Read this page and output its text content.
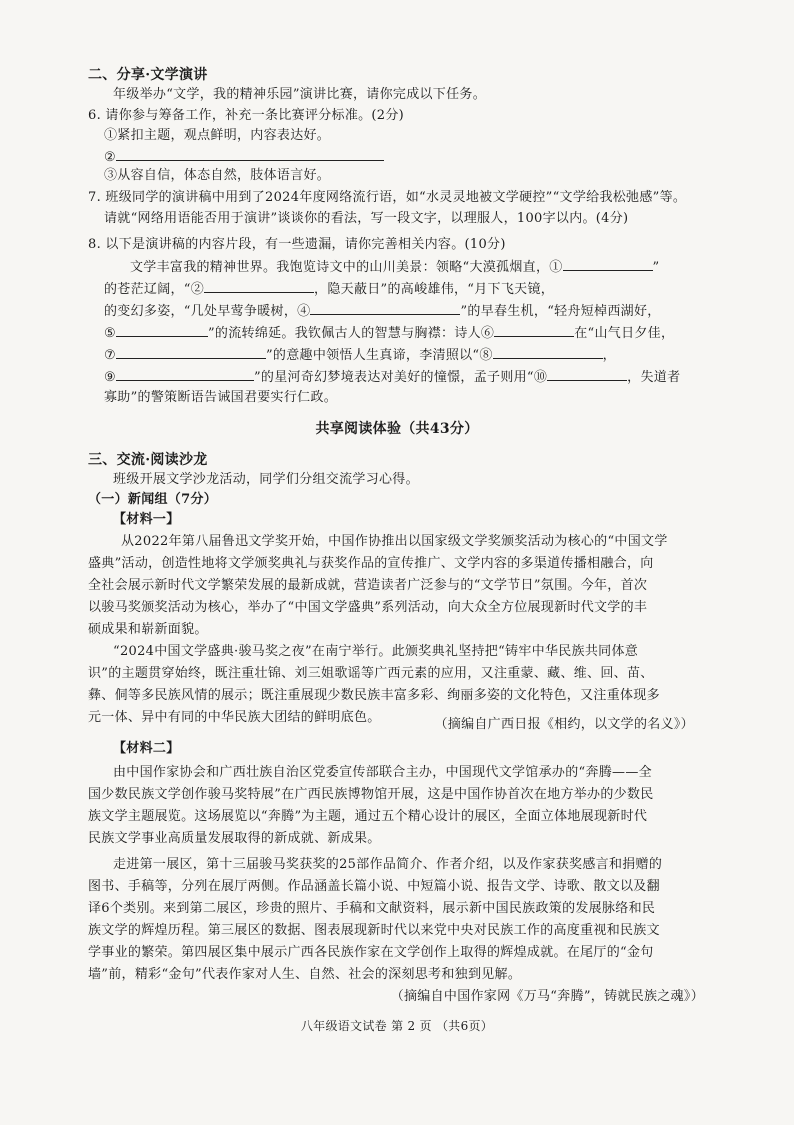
二、分享·文学演讲
年级举办“文学，我的精神乐园”演讲比赛，请你完成以下任务。
6. 请你参与筹备工作，补充一条比赛评分标准。(2分)
①紧扣主题，观点鲜明，内容表达好。
②
③从容自信，体态自然，肢体语言好。
7. 班级同学的演讲稿中用到了2024年度网络流行语，如“水灵灵地被文学硬控”“文学给我松弛感”等。
请就“网络用语能否用于演讲”谈谈你的看法，写一段文字，以理服人，100字以内。(4分)
8. 以下是演讲稿的内容片段，有一些遗漏，请你完善相关内容。(10分)
文学丰富我的精神世界。我饱览诗文中的山川美景：领略“大漠孤烟直，①	”
的苍茫辽阔，“②	，隐天蔽日”的高峻雄伟，“月下飞天镜，
的变幻多姿，“几处早莺争暖树，④	”的早春生机，“轻舟短棹西湖好，
⑤	”的流转绵延。我钦佩古人的智慧与胸襟：诗人⑥	在“山气日夕佳，
⑦	”的意趣中领悟人生真谛，李清照以“⑧	，
⑨	”的星河奇幻梦境表达对美好的憧憬，孟子则用“⑩	，失道者
寡助”的警策断语告诫国君要实行仁政。
共享阅读体验（共43分）
三、交流·阅读沙龙
班级开展文学沙龙活动，同学们分组交流学习心得。
（一）新闻组（7分）
【材料一】
从2022年第八届鲁迅文学奖开始，中国作协推出以国家级文学奖颁奖活动为核心的“中国文学
盛典”活动，创造性地将文学颁奖典礼与获奖作品的宣传推广、文学内容的多渠道传播相融合，向
全社会展示新时代文学繁荣发展的最新成就，营造读者广泛参与的“文学节日”氛围。今年，首次
以骏马奖颁奖活动为核心，举办了“中国文学盛典”系列活动，向大众全方位展现新时代文学的丰
硕成果和崭新面貌。
“2024中国文学盛典·骏马奖之夜”在南宁举行。此颁奖典礼坚持把“铸牢中华民族共同体意
识”的主题贯穿始终，既注重壮锦、刘三姐歌谣等广西元素的应用，又注重蒙、藏、维、回、苗、
彝、侗等多民族风情的展示；既注重展现少数民族丰富多彩、绚丽多姿的文化特色，又注重体现多
元一体、异中有同的中华民族大团结的鲜明底色。	（摘编自广西日报《相约，以文学的名义》）
【材料二】
由中国作家协会和广西壮族自治区党委宣传部联合主办，中国现代文学馆承办的“奔腾——全
国少数民族文学创作骏马奖特展”在广西民族博物馆开展，这是中国作协首次在地方举办的少数民
族文学主题展览。这场展览以“奔腾”为主题，通过五个精心设计的展区，全面立体地展现新时代
民族文学事业高质量发展取得的新成就、新成果。
走进第一展区，第十三届骏马奖获奖的25部作品简介、作者介绍，以及作家获奖感言和捐赠的
图书、手稿等，分列在展厅两侧。作品涵盖长篇小说、中短篇小说、报告文学、诗歌、散文以及翻
译6个类别。来到第二展区，珍贵的照片、手稿和文献资料，展示新中国民族政策的发展脉络和民
族文学的辉煌历程。第三展区的数据、图表展现新时代以来党中央对民族工作的高度重视和民族文
学事业的繁荣。第四展区集中展示广西各民族作家在文学创作上取得的辉煌成就。在尾厅的“金句
墙”前，精彩“金句”代表作家对人生、自然、社会的深刻思考和独到见解。
（摘编自中国作家网《万马“奔腾”，铸就民族之魂》）
八年级语文试卷 第 2 页 （共6页）
